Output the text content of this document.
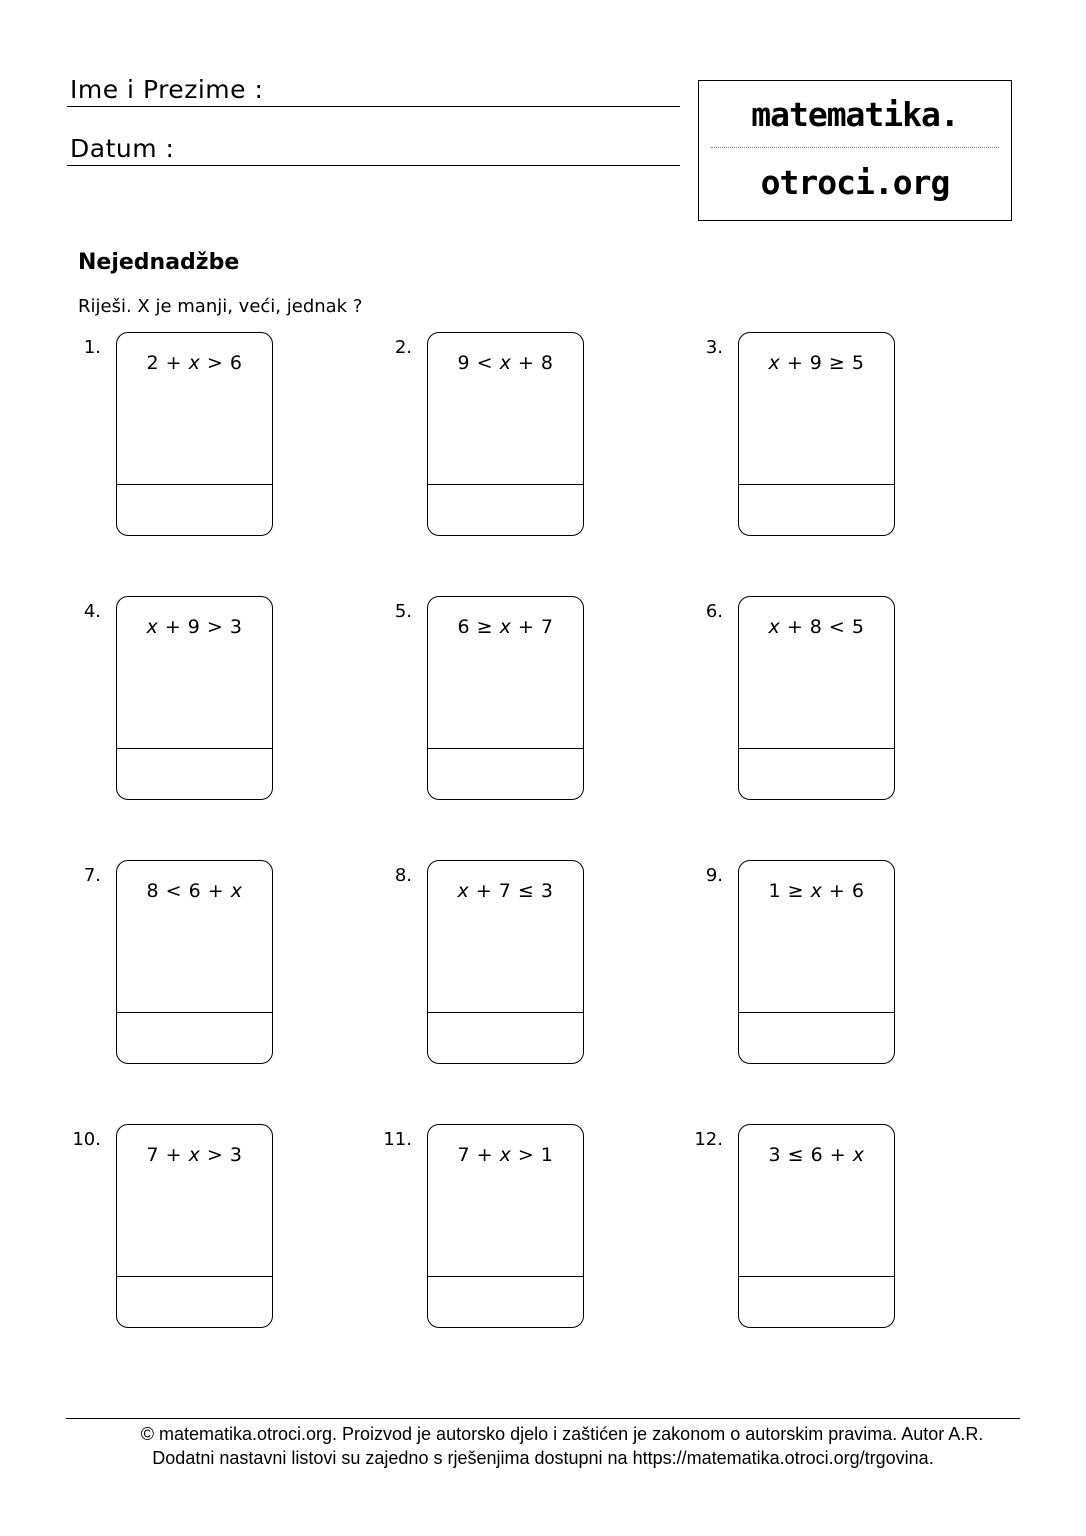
Ime i Prezime :
Datum :
matematika.
otroci.org
Nejednadžbe
Riješi. X je manji, veći, jednak ?
1.
2 + x > 6
2.
9 < x + 8
3.
x + 9 ≥ 5
4.
x + 9 > 3
5.
6 ≥ x + 7
6.
x + 8 < 5
7.
8 < 6 + x
8.
x + 7 ≤ 3
9.
1 ≥ x + 6
10.
7 + x > 3
11.
7 + x > 1
12.
3 ≤ 6 + x
© matematika.otroci.org. Proizvod je autorsko djelo i zaštićen je zakonom o autorskim pravima. Autor A.R.
Dodatni nastavni listovi su zajedno s rješenjima dostupni na https://matematika.otroci.org/trgovina.
